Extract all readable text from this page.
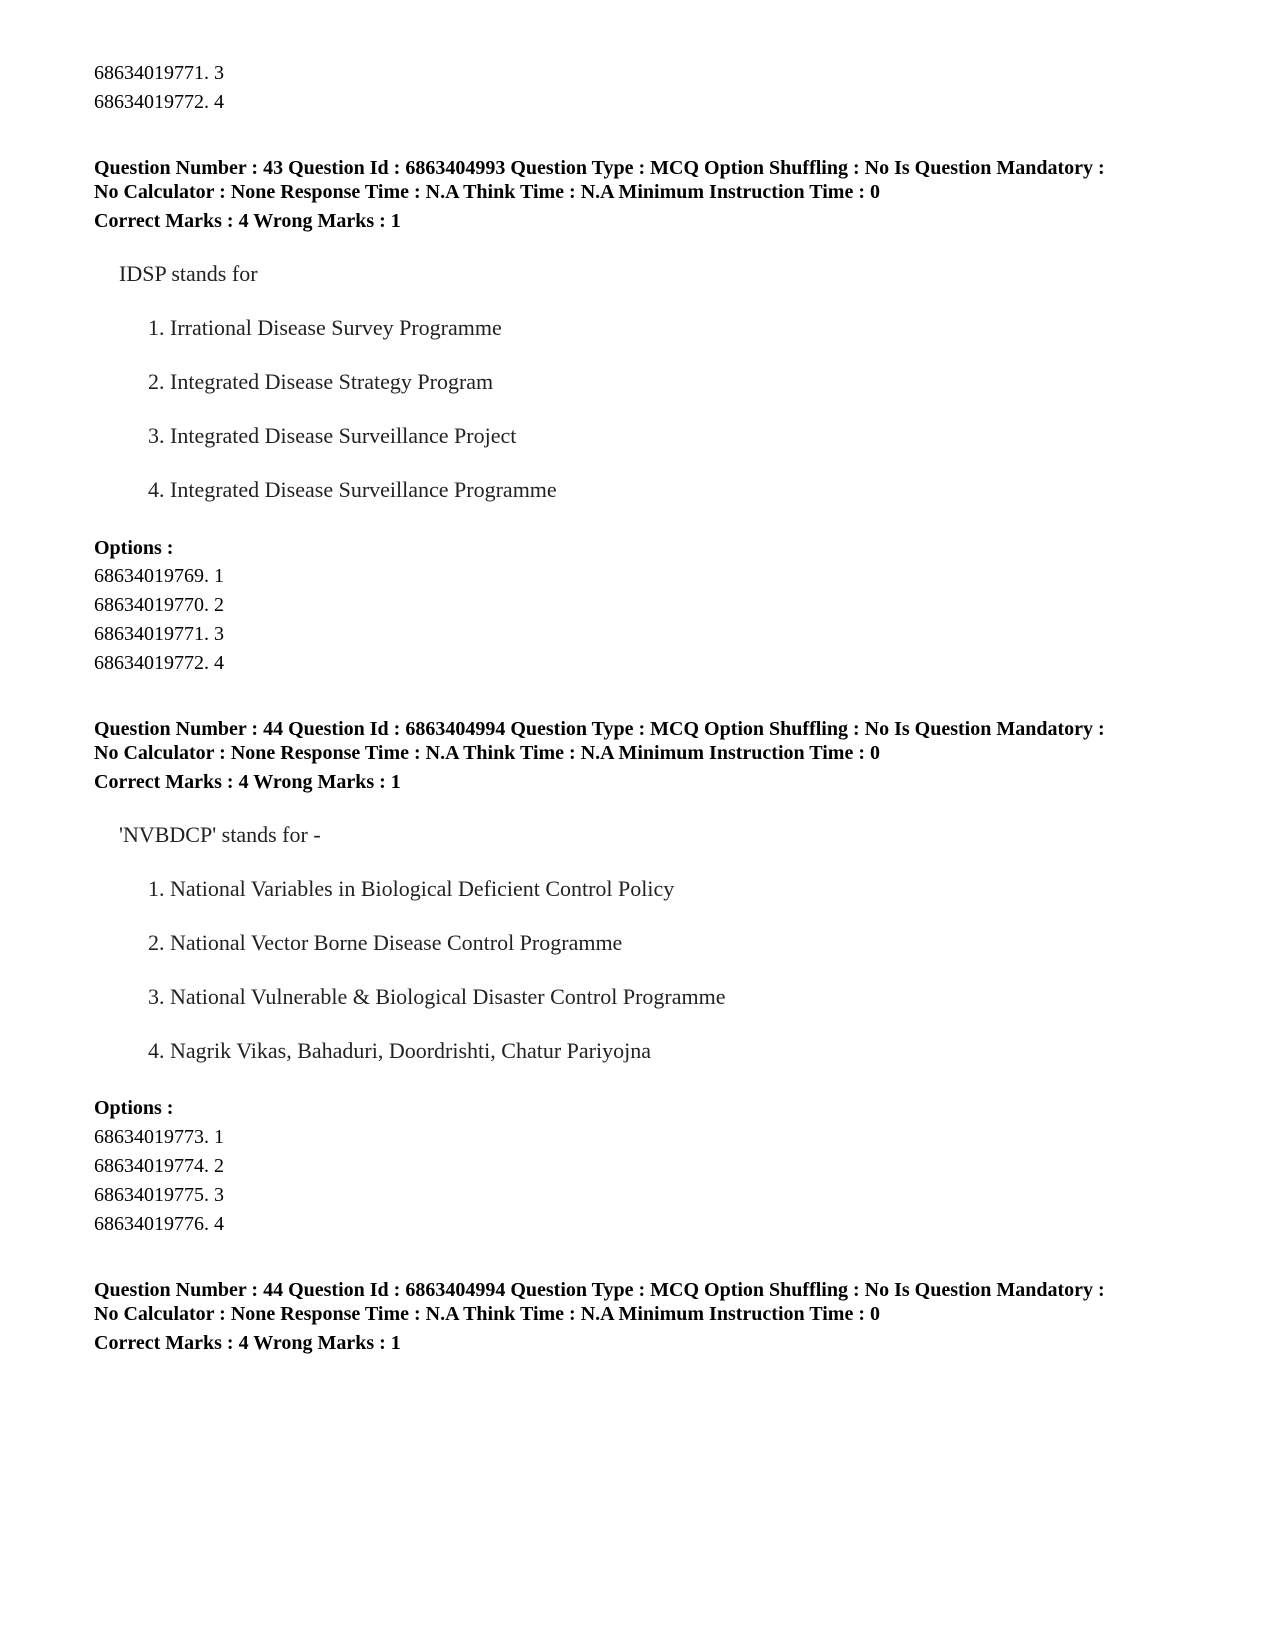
68634019771. 3
68634019772. 4
Question Number : 43 Question Id : 6863404993 Question Type : MCQ Option Shuffling : No Is Question Mandatory :
No Calculator : None Response Time : N.A Think Time : N.A Minimum Instruction Time : 0
Correct Marks : 4 Wrong Marks : 1
IDSP stands for
1. Irrational Disease Survey Programme
2. Integrated Disease Strategy Program
3. Integrated Disease Surveillance Project
4. Integrated Disease Surveillance Programme
Options :
68634019769. 1
68634019770. 2
68634019771. 3
68634019772. 4
Question Number : 44 Question Id : 6863404994 Question Type : MCQ Option Shuffling : No Is Question Mandatory :
No Calculator : None Response Time : N.A Think Time : N.A Minimum Instruction Time : 0
Correct Marks : 4 Wrong Marks : 1
'NVBDCP' stands for -
1. National Variables in Biological Deficient Control Policy
2. National Vector Borne Disease Control Programme
3. National Vulnerable & Biological Disaster Control Programme
4. Nagrik Vikas, Bahaduri, Doordrishti, Chatur Pariyojna
Options :
68634019773. 1
68634019774. 2
68634019775. 3
68634019776. 4
Question Number : 44 Question Id : 6863404994 Question Type : MCQ Option Shuffling : No Is Question Mandatory :
No Calculator : None Response Time : N.A Think Time : N.A Minimum Instruction Time : 0
Correct Marks : 4 Wrong Marks : 1
